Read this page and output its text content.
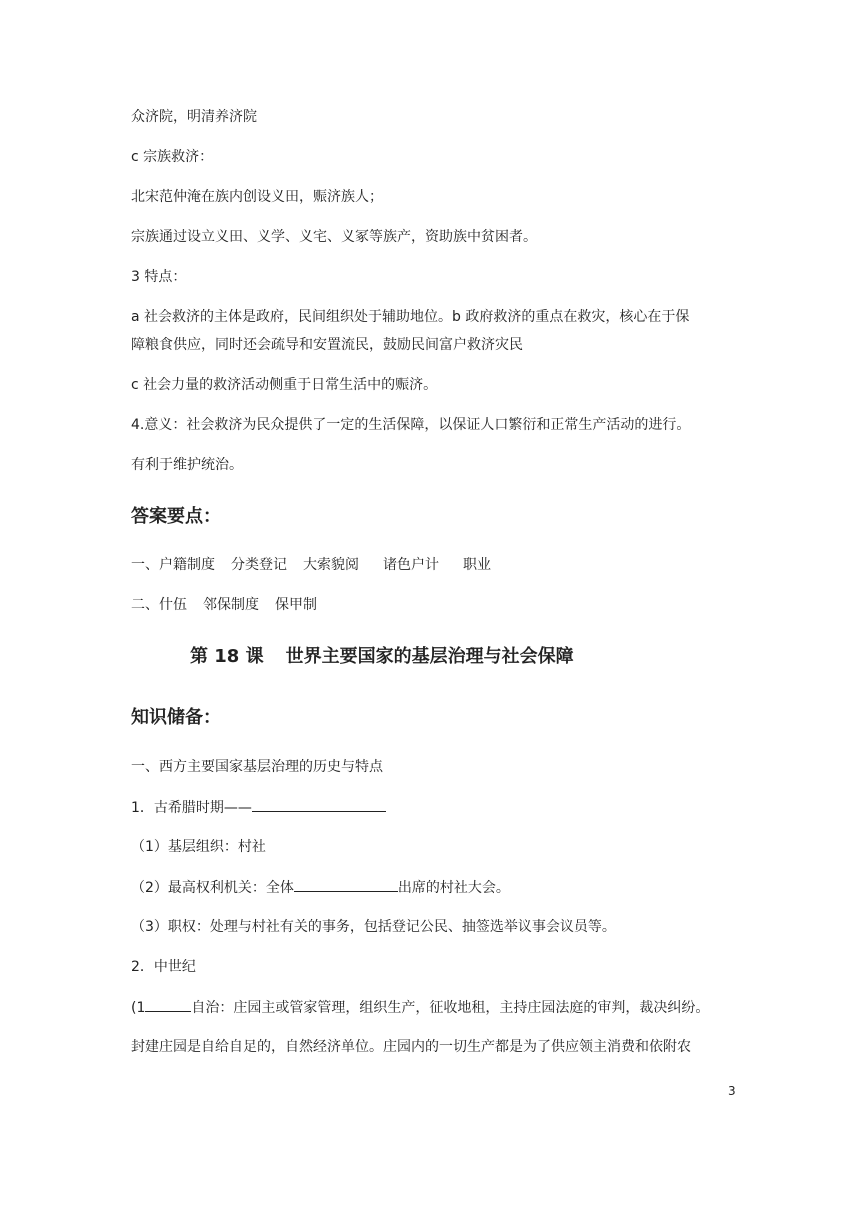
众济院，明清养济院
c 宗族救济：
北宋范仲淹在族内创设义田，赈济族人；
宗族通过设立义田、义学、义宅、义冢等族产，资助族中贫困者。
3 特点：
a 社会救济的主体是政府，民间组织处于辅助地位。b 政府救济的重点在救灾，核心在于保
障粮食供应，同时还会疏导和安置流民，鼓励民间富户救济灾民
c 社会力量的救济活动侧重于日常生活中的赈济。
4.意义：社会救济为民众提供了一定的生活保障，以保证人口繁衍和正常生产活动的进行。
有利于维护统治。
答案要点：
一、户籍制度 分类登记 大索貌阅 诸色户计 职业
二、什伍 邻保制度 保甲制
第 18 课 世界主要国家的基层治理与社会保障
知识储备：
一、西方主要国家基层治理的历史与特点
1．古希腊时期——
（1）基层组织：村社
（2）最高权利机关：全体	出席的村社大会。
（3）职权：处理与村社有关的事务，包括登记公民、抽签选举议事会议员等。
2．中世纪
(1	自治：庄园主或管家管理，组织生产，征收地租，主持庄园法庭的审判，裁决纠纷。
封建庄园是自给自足的，自然经济单位。庄园内的一切生产都是为了供应领主消费和依附农
3
